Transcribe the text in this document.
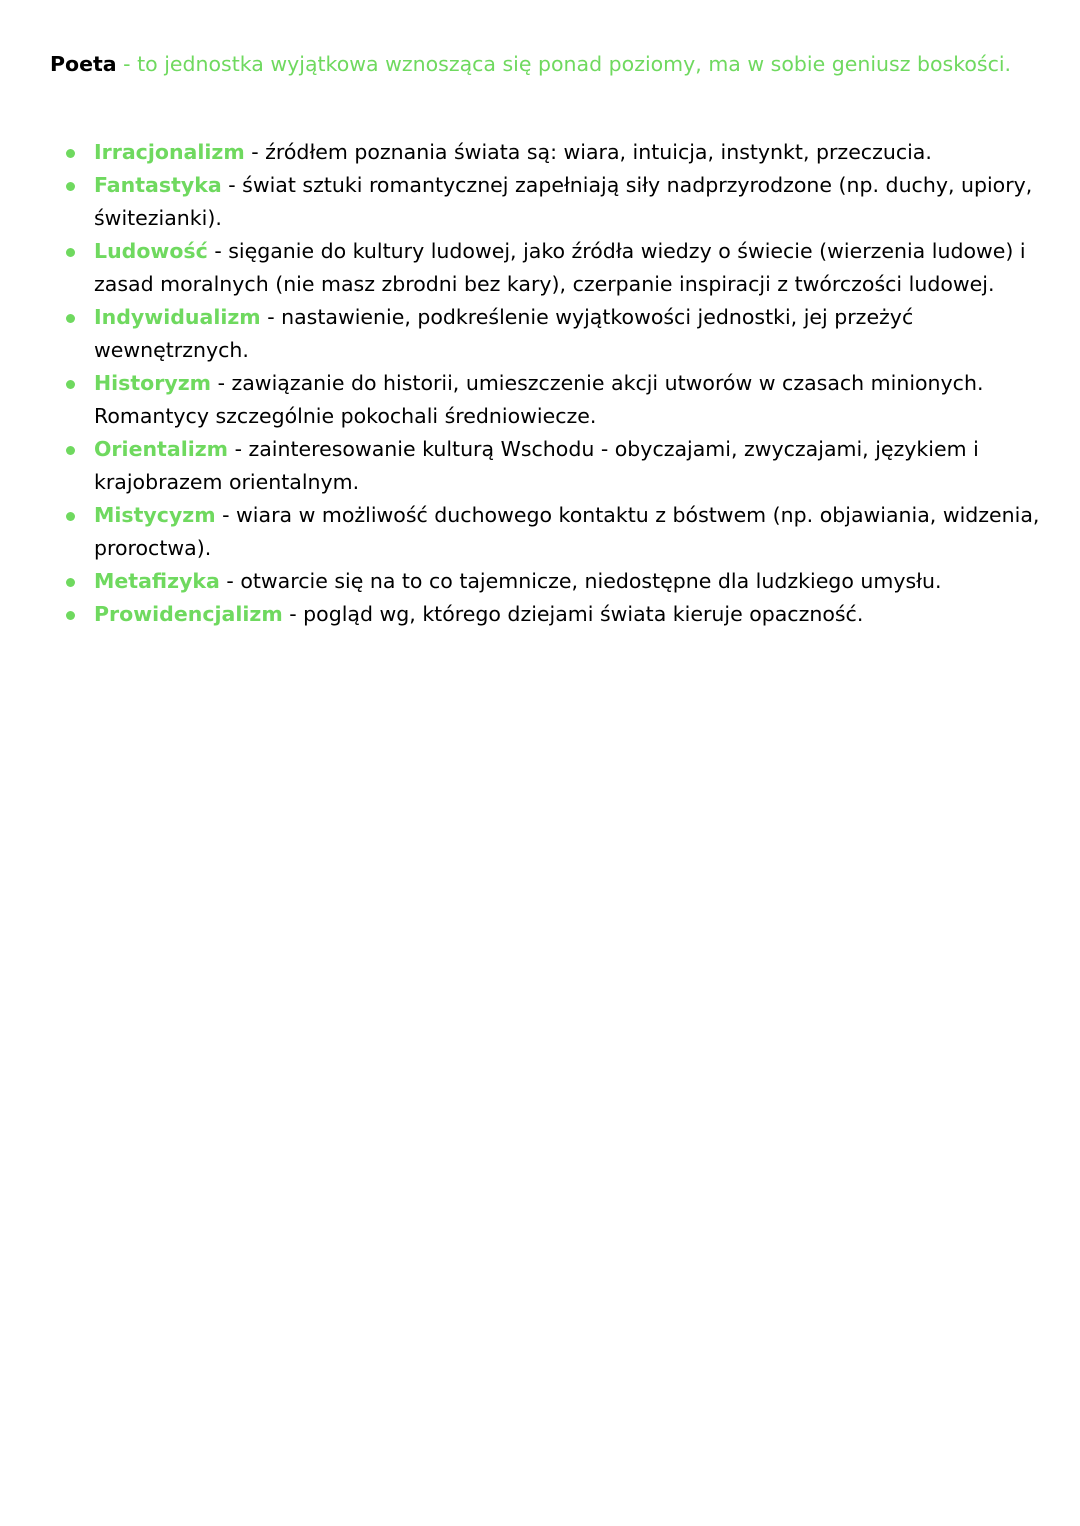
Poeta - to jednostka wyjątkowa wznosząca się ponad poziomy, ma w sobie geniusz boskości.

Irracjonalizm - źródłem poznania świata są: wiara, intuicja, instynkt, przeczucia.
Fantastyka - świat sztuki romantycznej zapełniają siły nadprzyrodzone (np. duchy, upiory, świtezianki).
Ludowość - sięganie do kultury ludowej, jako źródła wiedzy o świecie (wierzenia ludowe) i zasad moralnych (nie masz zbrodni bez kary), czerpanie inspiracji z twórczości ludowej.
Indywidualizm - nastawienie, podkreślenie wyjątkowości jednostki, jej przeżyć wewnętrznych.
Historyzm - zawiązanie do historii, umieszczenie akcji utworów w czasach minionych. Romantycy szczególnie pokochali średniowiecze.
Orientalizm - zainteresowanie kulturą Wschodu - obyczajami, zwyczajami, językiem i krajobrazem orientalnym.
Mistycyzm - wiara w możliwość duchowego kontaktu z bóstwem (np. objawiania, widzenia, proroctwa).
Metafizyka - otwarcie się na to co tajemnicze, niedostępne dla ludzkiego umysłu.
Prowidencjalizm - pogląd wg, którego dziejami świata kieruje opaczność.
